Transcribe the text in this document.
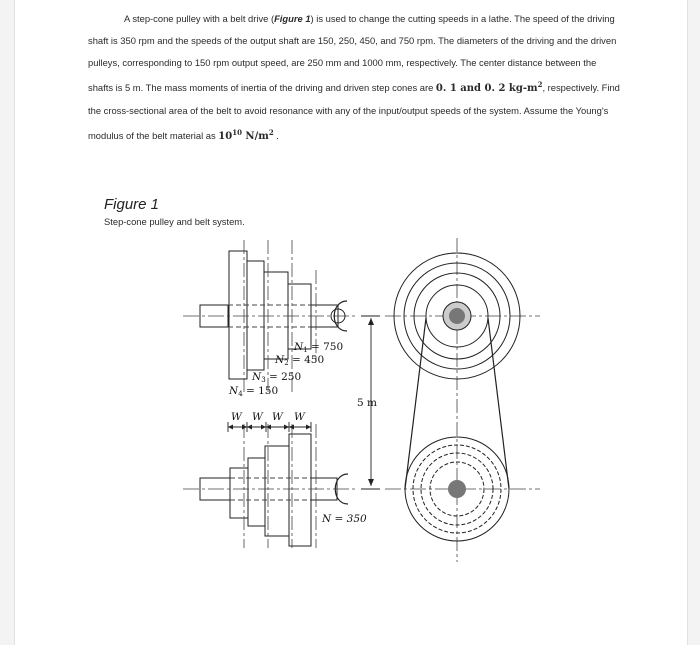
A step-cone pulley with a belt drive (Figure 1) is used to change the cutting speeds in a lathe. The speed of the driving shaft is 350 rpm and the speeds of the output shaft are 150, 250, 450, and 750 rpm. The diameters of the driving and the driven pulleys, corresponding to 150 rpm output speed, are 250 mm and 1000 mm, respectively. The center distance between the shafts is 5 m. The mass moments of inertia of the driving and driven step cones are 0. 1 and 0. 2 $kg-m^2$, respectively. Find the cross-sectional area of the belt to avoid resonance with any of the input/output speeds of the system. Assume the Young's modulus of the belt material as $10^{10}$ $N/m^2$ .

Figure 1
Step-cone pulley and belt system.
N1 = 750
N2 = 450
N3 = 250
N4 = 150
W W W W
5 m
N = 350
